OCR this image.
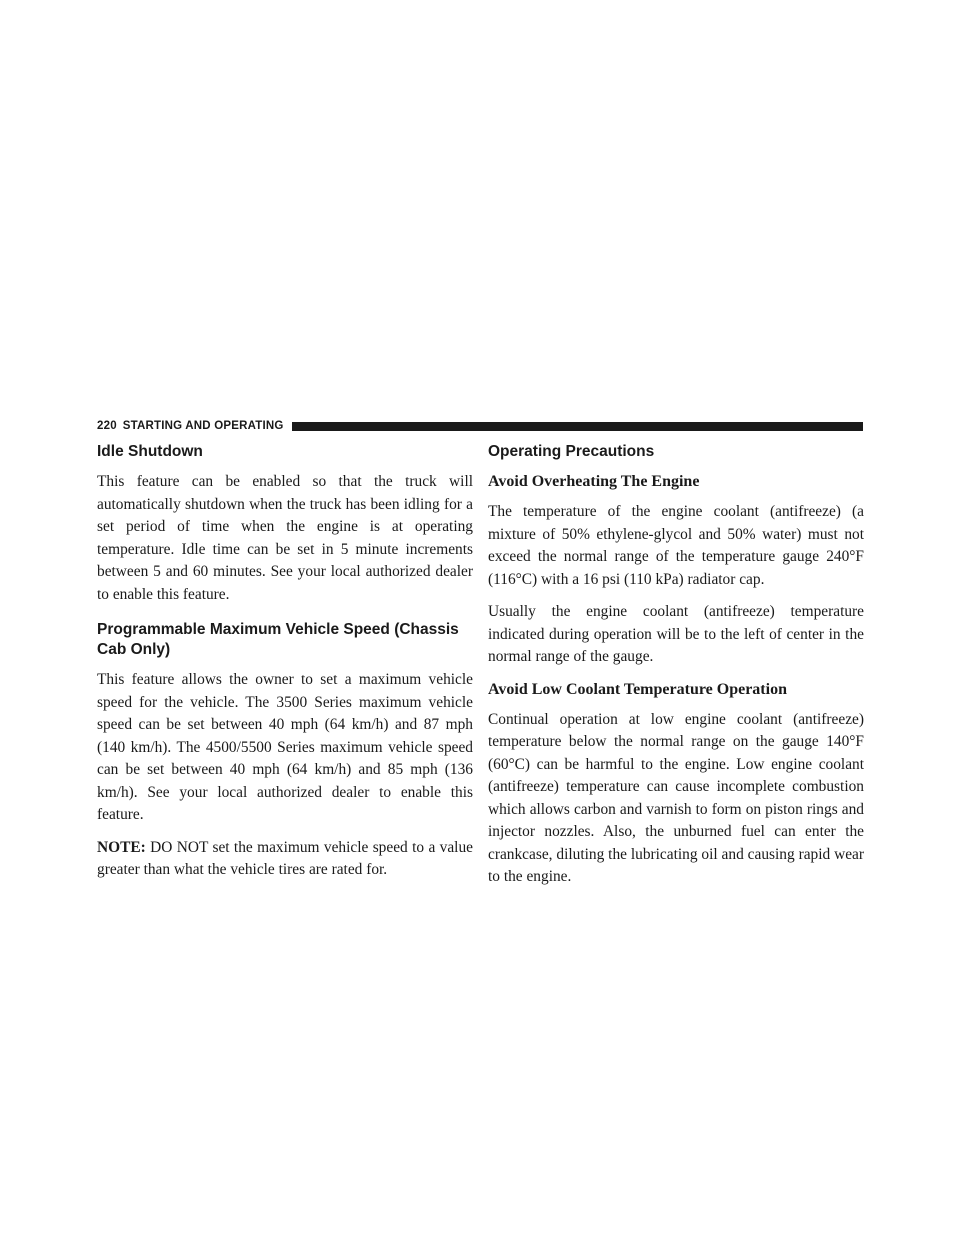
220 STARTING AND OPERATING
Idle Shutdown

This feature can be enabled so that the truck will automatically shutdown when the truck has been idling for a set period of time when the engine is at operating temperature. Idle time can be set in 5 minute increments between 5 and 60 minutes. See your local authorized dealer to enable this feature.

Programmable Maximum Vehicle Speed (Chassis Cab Only)

This feature allows the owner to set a maximum vehicle speed for the vehicle. The 3500 Series maximum vehicle speed can be set between 40 mph (64 km/h) and 87 mph (140 km/h). The 4500/5500 Series maximum vehicle speed can be set between 40 mph (64 km/h) and 85 mph (136 km/h). See your local authorized dealer to enable this feature.

NOTE: DO NOT set the maximum vehicle speed to a value greater than what the vehicle tires are rated for.

Operating Precautions
Avoid Overheating The Engine

The temperature of the engine coolant (antifreeze) (a mixture of 50% ethylene-glycol and 50% water) must not exceed the normal range of the temperature gauge 240°F (116°C) with a 16 psi (110 kPa) radiator cap.

Usually the engine coolant (antifreeze) temperature indicated during operation will be to the left of center in the normal range of the gauge.

Avoid Low Coolant Temperature Operation

Continual operation at low engine coolant (antifreeze) temperature below the normal range on the gauge 140°F (60°C) can be harmful to the engine. Low engine coolant (antifreeze) temperature can cause incomplete combustion which allows carbon and varnish to form on piston rings and injector nozzles. Also, the unburned fuel can enter the crankcase, diluting the lubricating oil and causing rapid wear to the engine.
